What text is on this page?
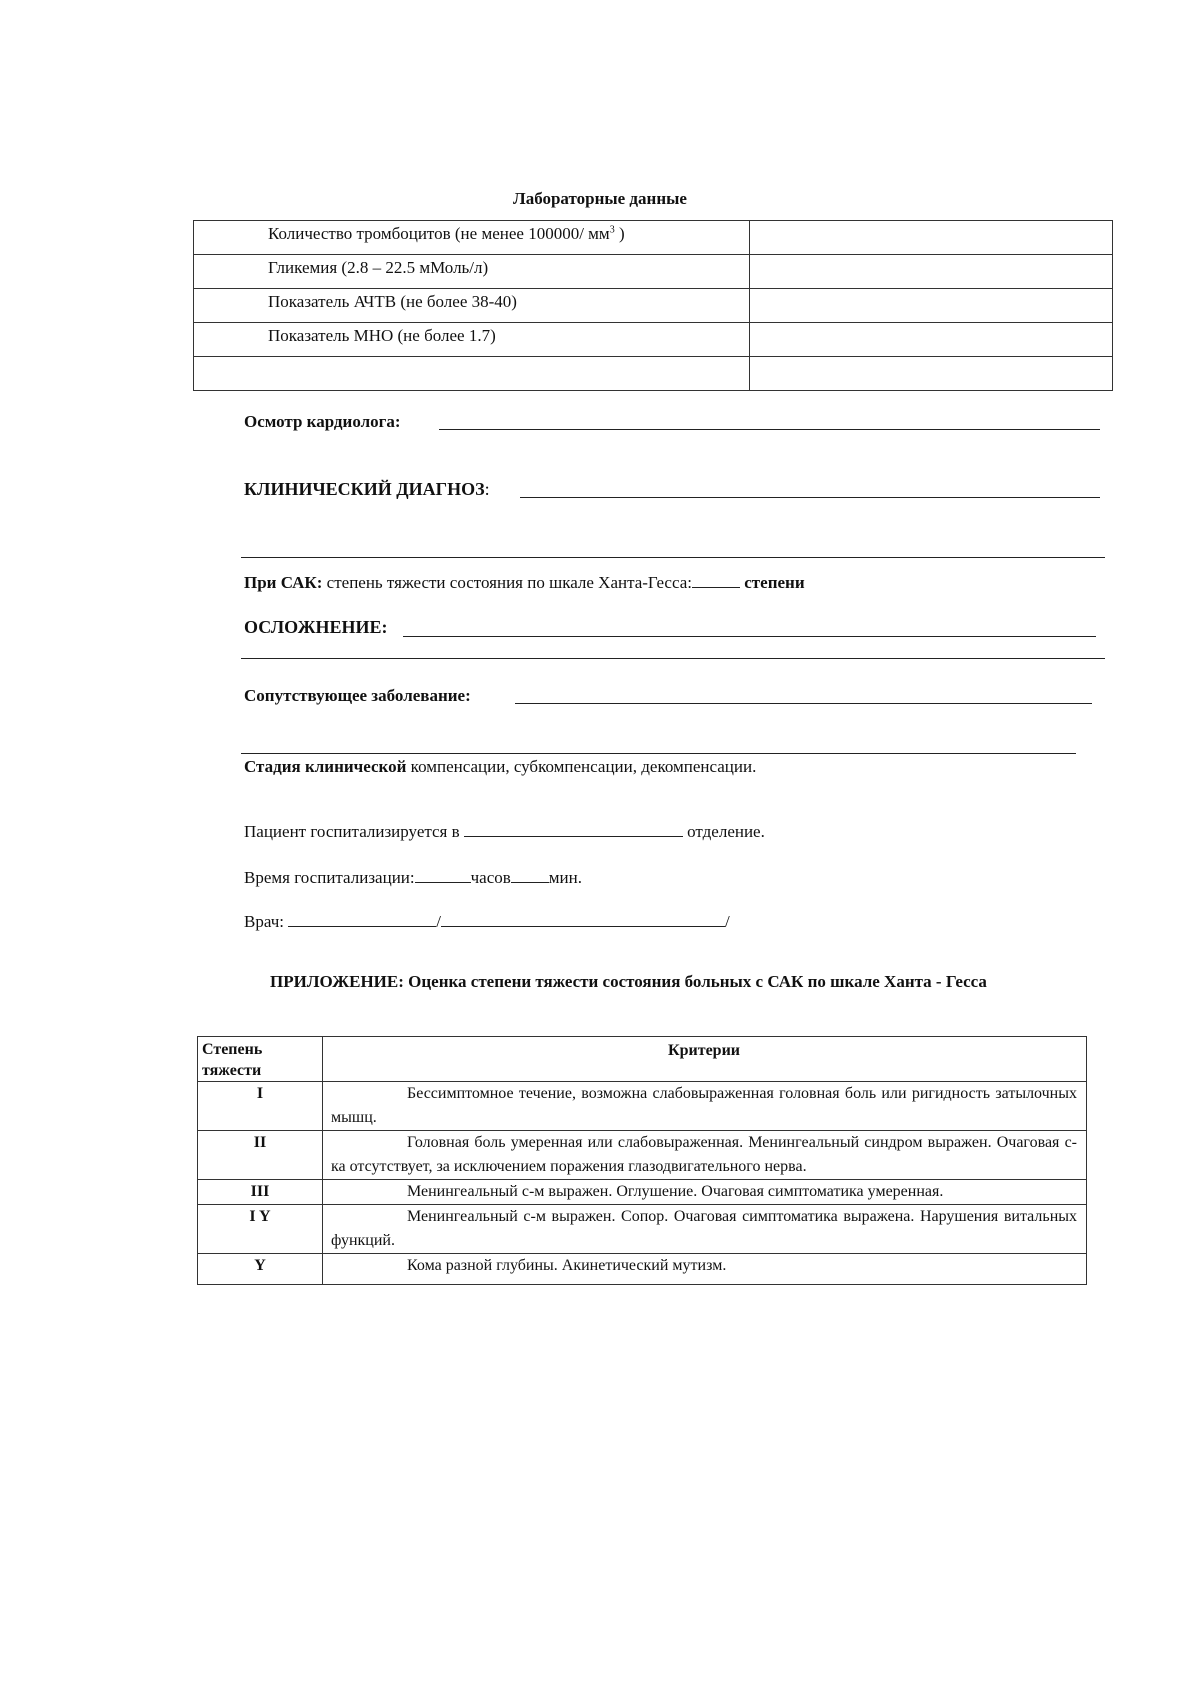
Лабораторные данные
Количество тромбоцитов (не менее 100000/ $мм^3$ )	
Гликемия (2.8 – 22.5 мМоль/л)	
Показатель АЧТВ (не более 38-40)	
Показатель МНО (не более 1.7)	

Осмотр кардиолога:
КЛИНИЧЕСКИЙ ДИАГНОЗ:
При САК: степень тяжести состояния по шкале Ханта-Гесса:	степени
ОСЛОЖНЕНИЕ:
Сопутствующее заболевание:
Стадия клинической компенсации, субкомпенсации, декомпенсации.
Пациент госпитализируется в	отделение.
Время госпитализации:	часов мин.
Врач:	/	/
ПРИЛОЖЕНИЕ: Оценка степени тяжести состояния больных с САК по шкале Ханта - Гесса
Степень тяжести	Критерии
I	Бессимптомное течение, возможна слабовыраженная головная боль или ригидность затылочных мышц.
II	Головная боль умеренная или слабовыраженная. Менингеальный синдром выражен. Очаговая с-ка отсутствует, за исключением поражения глазодвигательного нерва.
III	Менингеальный с-м выражен. Оглушение. Очаговая симптоматика умеренная.
I Y	Менингеальный с-м выражен. Сопор. Очаговая симптоматика выражена. Нарушения витальных функций.
Y	Кома разной глубины. Акинетический мутизм.
